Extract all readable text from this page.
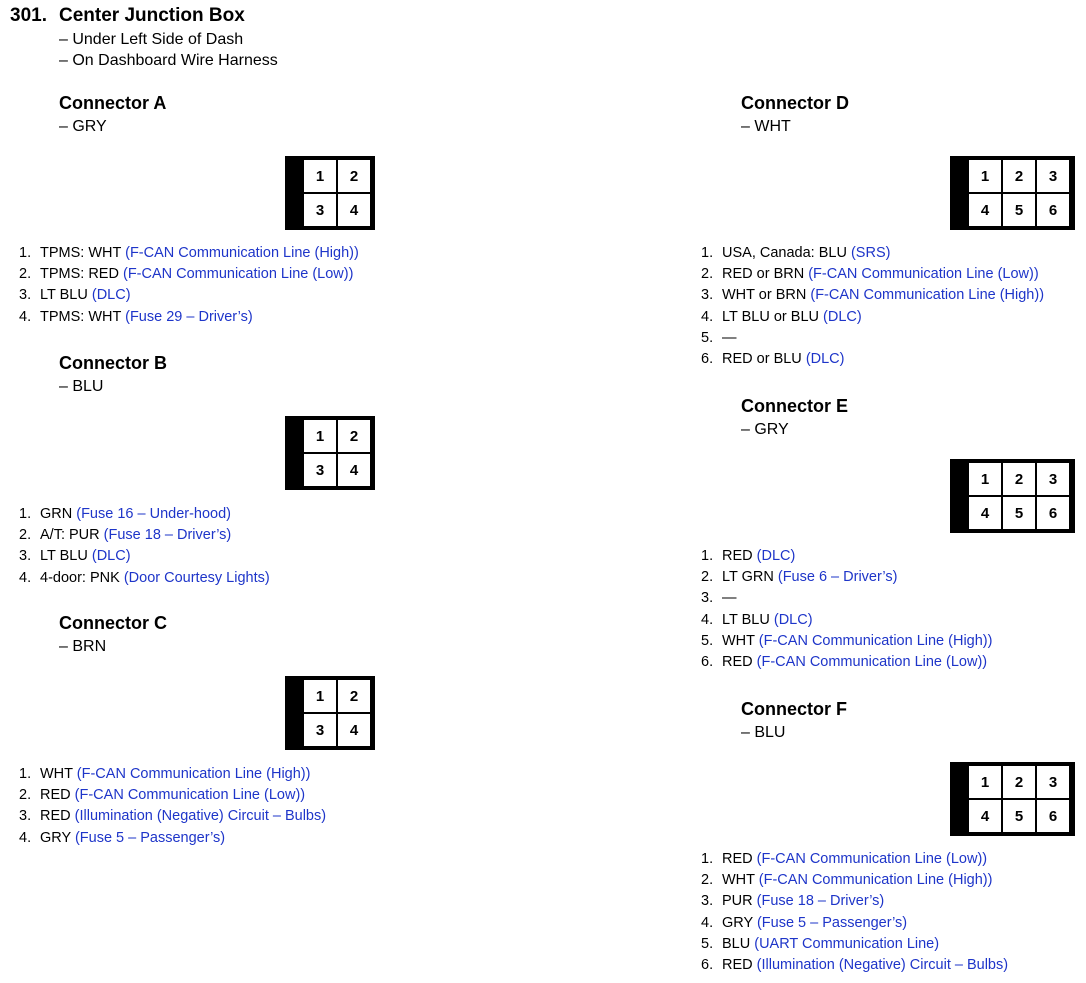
301. Center Junction Box
– Under Left Side of Dash
– On Dashboard Wire Harness
Connector A
– GRY
1	2
3	4
1. TPMS: WHT (F-CAN Communication Line (High))
2. TPMS: RED (F-CAN Communication Line (Low))
3. LT BLU (DLC)
4. TPMS: WHT (Fuse 29 – Driver’s)
Connector B
– BLU
1	2
3	4
1. GRN (Fuse 16 – Under-hood)
2. A/T: PUR (Fuse 18 – Driver’s)
3. LT BLU (DLC)
4. 4-door: PNK (Door Courtesy Lights)
Connector C
– BRN
1	2
3	4
1. WHT (F-CAN Communication Line (High))
2. RED (F-CAN Communication Line (Low))
3. RED (Illumination (Negative) Circuit – Bulbs)
4. GRY (Fuse 5 – Passenger’s)
Connector D
– WHT
1	2	3
4	5	6
1. USA, Canada: BLU (SRS)
2. RED or BRN (F-CAN Communication Line (Low))
3. WHT or BRN (F-CAN Communication Line (High))
4. LT BLU or BLU (DLC)
5. —
6. RED or BLU (DLC)
Connector E
– GRY
1	2	3
4	5	6
1. RED (DLC)
2. LT GRN (Fuse 6 – Driver’s)
3. —
4. LT BLU (DLC)
5. WHT (F-CAN Communication Line (High))
6. RED (F-CAN Communication Line (Low))
Connector F
– BLU
1	2	3
4	5	6
1. RED (F-CAN Communication Line (Low))
2. WHT (F-CAN Communication Line (High))
3. PUR (Fuse 18 – Driver’s)
4. GRY (Fuse 5 – Passenger’s)
5. BLU (UART Communication Line)
6. RED (Illumination (Negative) Circuit – Bulbs)
